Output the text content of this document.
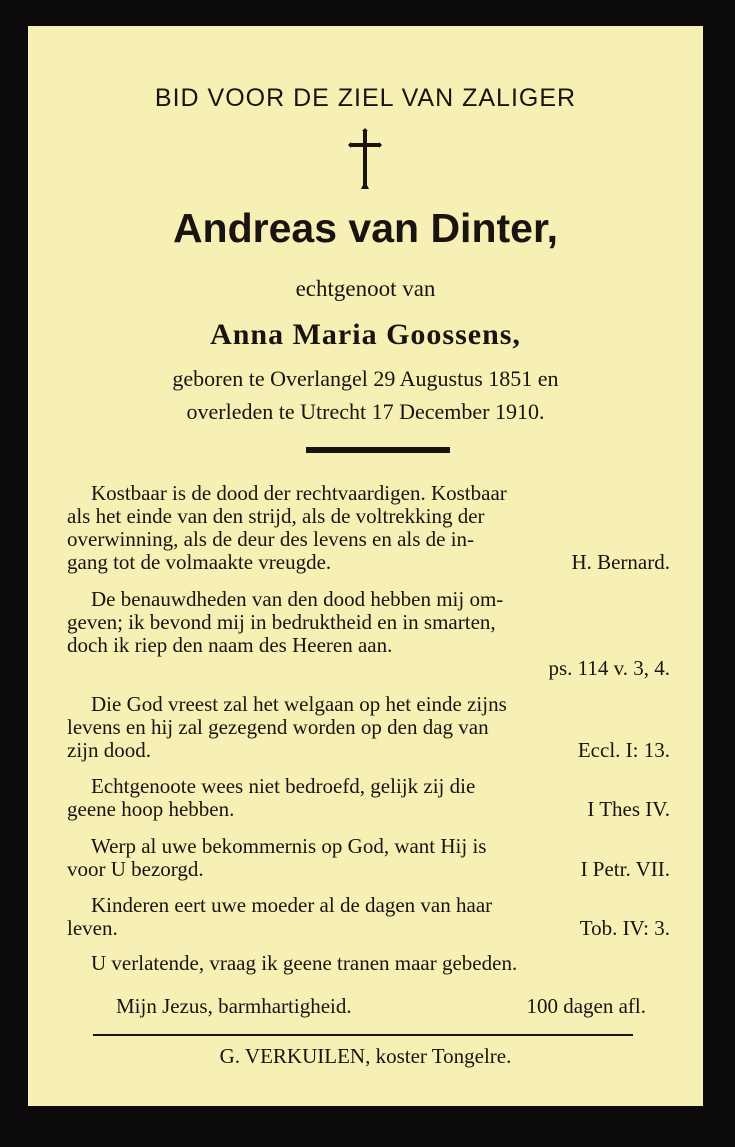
BID VOOR DE ZIEL VAN ZALIGER
Andreas van Dinter,
echtgenoot van
Anna Maria Goossens,
geboren te Overlangel 29 Augustus 1851 en
overleden te Utrecht 17 December 1910.
Kostbaar is de dood der rechtvaardigen. Kostbaar
als het einde van den strijd, als de voltrekking der
overwinning, als de deur des levens en als de in-
gang tot de volmaakte vreugde.	H. Bernard.
De benauwdheden van den dood hebben mij om-
geven; ik bevond mij in bedruktheid en in smarten,
doch ik riep den naam des Heeren aan.
ps. 114 v. 3, 4.
Die God vreest zal het welgaan op het einde zijns
levens en hij zal gezegend worden op den dag van
zijn dood.	Eccl. I: 13.
Echtgenoote wees niet bedroefd, gelijk zij die
geene hoop hebben.	I Thes IV.
Werp al uwe bekommernis op God, want Hij is
voor U bezorgd.	I Petr. VII.
Kinderen eert uwe moeder al de dagen van haar
leven.	Tob. IV: 3.
U verlatende, vraag ik geene tranen maar gebeden.
Mijn Jezus, barmhartigheid.	100 dagen afl.
G. VERKUILEN, koster Tongelre.
